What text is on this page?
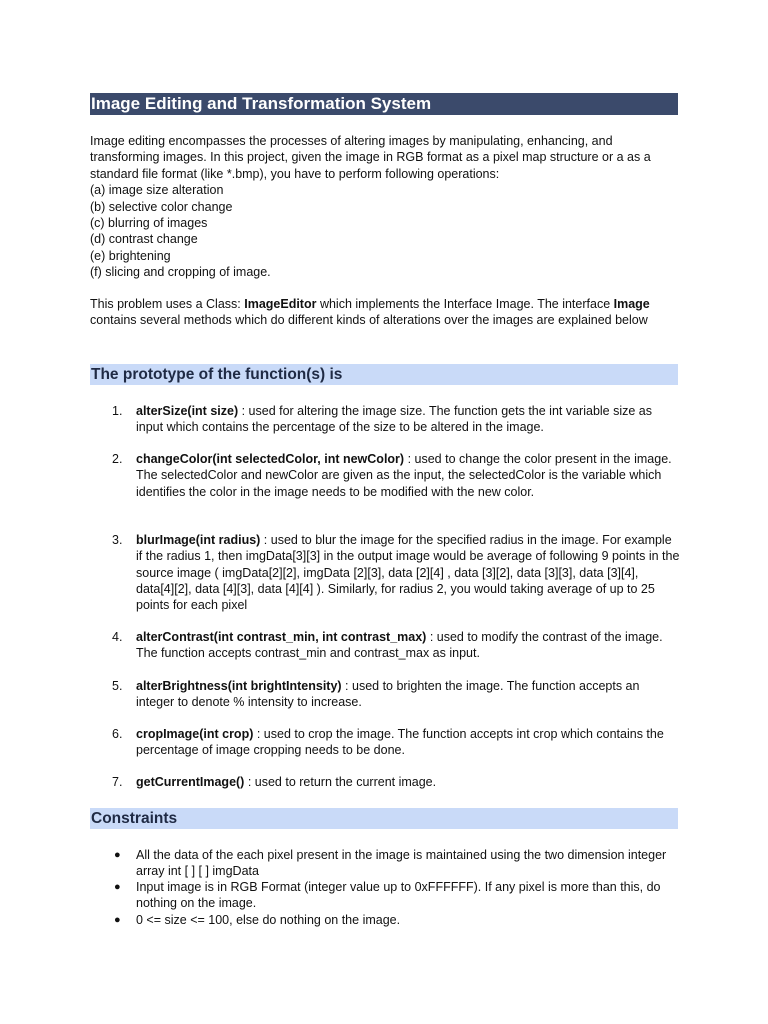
Image Editing and Transformation System

Image editing encompasses the processes of altering images by manipulating, enhancing, and transforming images. In this project, given the image in RGB format as a pixel map structure or a as a standard file format (like *.bmp), you have to perform following operations:

(a) image size alteration
(b) selective color change
(c) blurring of images
(d) contrast change
(e) brightening
(f) slicing and cropping of image.

This problem uses a Class: ImageEditor which implements the Interface Image. The interface Image contains several methods which do different kinds of alterations over the images are explained below

The prototype of the function(s) is
1.	alterSize(int size) : used for altering the image size. The function gets the int variable size as input which contains the percentage of the size to be altered in the image.
2.	changeColor(int selectedColor, int newColor) : used to change the color present in the image. The selectedColor and newColor are given as the input, the selectedColor is the variable which identifies the color in the image needs to be modified with the new color.
3.	blurImage(int radius) : used to blur the image for the specified radius in the image. For example if the radius 1, then imgData[3][3] in the output image would be average of following 9 points in the source image ( imgData[2][2], imgData [2][3], data [2][4] , data [3][2], data [3][3], data [3][4], data[4][2], data [4][3], data [4][4] ). Similarly, for radius 2, you would taking average of up to 25 points for each pixel
4.	alterContrast(int contrast_min, int contrast_max) : used to modify the contrast of the image. The function accepts contrast_min and contrast_max as input.
5.	alterBrightness(int brightIntensity) : used to brighten the image. The function accepts an integer to denote % intensity to increase.
6.	cropImage(int crop) : used to crop the image. The function accepts int crop which contains the percentage of image cropping needs to be done.
7.	getCurrentImage() : used to return the current image.
Constraints
● All the data of the each pixel present in the image is maintained using the two dimension integer array int [ ] [ ] imgData
● Input image is in RGB Format (integer value up to 0xFFFFFF). If any pixel is more than this, do nothing on the image.
● 0 <= size <= 100, else do nothing on the image.
